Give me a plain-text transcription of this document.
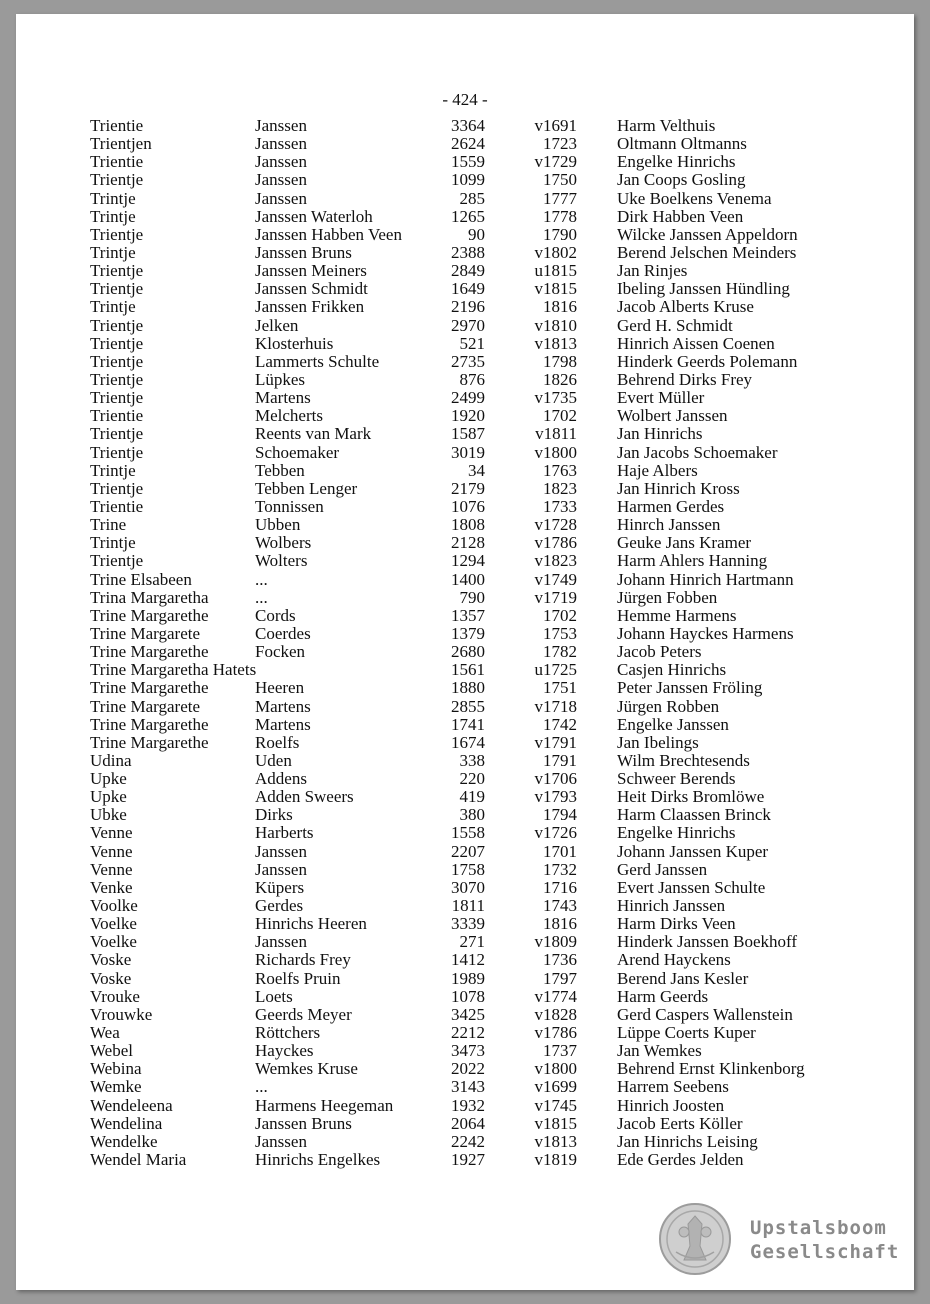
- 424 -
Trientie	Janssen	3364	v1691 Harm Velthuis
Trientjen	Janssen	2624	1723 Oltmann Oltmanns
Trientie	Janssen	1559	v1729 Engelke Hinrichs
Trientje	Janssen	1099	1750 Jan Coops Gosling
Trintje	Janssen	285	1777 Uke Boelkens Venema
Trintje	Janssen Waterloh	1265	1778 Dirk Habben Veen
Trientje	Janssen Habben Veen	90	1790 Wilcke Janssen Appeldorn
Trintje	Janssen Bruns	2388	v1802 Berend Jelschen Meinders
Trientje	Janssen Meiners	2849	u1815 Jan Rinjes
Trientje	Janssen Schmidt	1649	v1815 Ibeling Janssen Hündling
Trintje	Janssen Frikken	2196	1816 Jacob Alberts Kruse
Trientje	Jelken	2970	v1810 Gerd H. Schmidt
Trientje	Klosterhuis	521	v1813 Hinrich Aissen Coenen
Trientje	Lammerts Schulte	2735	1798 Hinderk Geerds Polemann
Trientje	Lüpkes	876	1826 Behrend Dirks Frey
Trientje	Martens	2499	v1735 Evert Müller
Trientie	Melcherts	1920	1702 Wolbert Janssen
Trientje	Reents van Mark	1587	v1811 Jan Hinrichs
Trientje	Schoemaker	3019	v1800 Jan Jacobs Schoemaker
Trintje	Tebben	34	1763 Haje Albers
Trientje	Tebben Lenger	2179	1823 Jan Hinrich Kross
Trientie	Tonnissen	1076	1733 Harmen Gerdes
Trine	Ubben	1808	v1728 Hinrch Janssen
Trintje	Wolbers	2128	v1786 Geuke Jans Kramer
Trientje	Wolters	1294	v1823 Harm Ahlers Hanning
Trine Elsabeen	...	1400	v1749 Johann Hinrich Hartmann
Trina Margaretha	...	790	v1719 Jürgen Fobben
Trine Margarethe	Cords	1357	1702 Hemme Harmens
Trine Margarete	Coerdes	1379	1753 Johann Hayckes Harmens
Trine Margarethe	Focken	2680	1782 Jacob Peters
Trine Margaretha Hatets	1561	u1725 Casjen Hinrichs
Trine Margarethe	Heeren	1880	1751 Peter Janssen Fröling
Trine Margarete	Martens	2855	v1718 Jürgen Robben
Trine Margarethe	Martens	1741	1742 Engelke Janssen
Trine Margarethe	Roelfs	1674	v1791 Jan Ibelings
Udina	Uden	338	1791 Wilm Brechtesends
Upke	Addens	220	v1706 Schweer Berends
Upke	Adden Sweers	419	v1793 Heit Dirks Bromlöwe
Ubke	Dirks	380	1794 Harm Claassen Brinck
Venne	Harberts	1558	v1726 Engelke Hinrichs
Venne	Janssen	2207	1701 Johann Janssen Kuper
Venne	Janssen	1758	1732 Gerd Janssen
Venke	Küpers	3070	1716 Evert Janssen Schulte
Voolke	Gerdes	1811	1743 Hinrich Janssen
Voelke	Hinrichs Heeren	3339	1816 Harm Dirks Veen
Voelke	Janssen	271	v1809 Hinderk Janssen Boekhoff
Voske	Richards Frey	1412	1736 Arend Hayckens
Voske	Roelfs Pruin	1989	1797 Berend Jans Kesler
Vrouke	Loets	1078	v1774 Harm Geerds
Vrouwke	Geerds Meyer	3425	v1828 Gerd Caspers Wallenstein
Wea	Röttchers	2212	v1786 Lüppe Coerts Kuper
Webel	Hayckes	3473	1737 Jan Wemkes
Webina	Wemkes Kruse	2022	v1800 Behrend Ernst Klinkenborg
Wemke	...	3143	v1699 Harrem Seebens
Wendeleena	Harmens Heegeman	1932	v1745 Hinrich Joosten
Wendelina	Janssen Bruns	2064	v1815 Jacob Eerts Köller
Wendelke	Janssen	2242	v1813 Jan Hinrichs Leising
Wendel Maria	Hinrichs Engelkes	1927	v1819 Ede Gerdes Jelden
Upstalsboom
Gesellschaft
